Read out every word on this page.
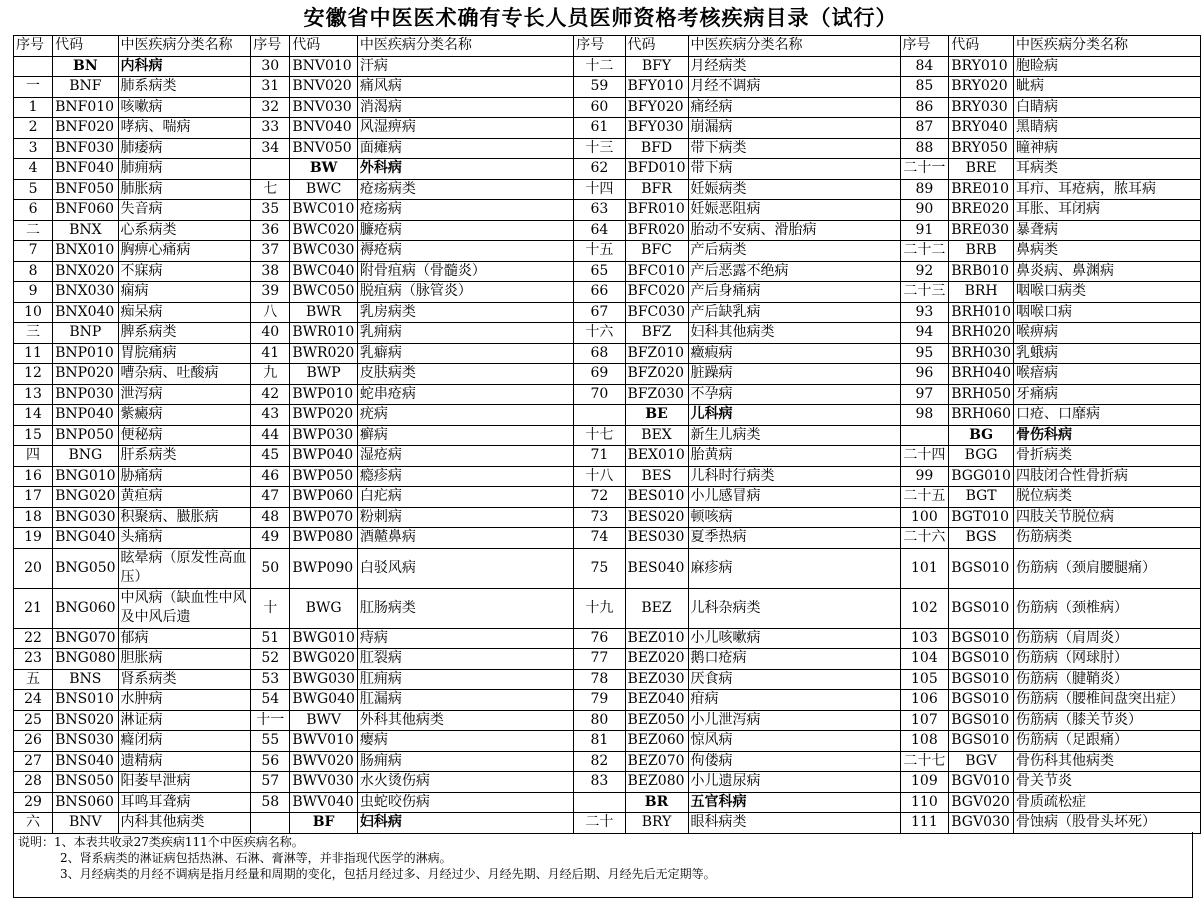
安徽省中医医术确有专长人员医师资格考核疾病目录（试行）
序号	代码	中医疾病分类名称	序号	代码	中医疾病分类名称	序号	代码	中医疾病分类名称	序号	代码	中医疾病分类名称
	BN	内科病	30	BNV010	汗病	十二	BFY	月经病类	84	BRY010	胞睑病
一	BNF	肺系病类	31	BNV020	痛风病	59	BFY010	月经不调病	85	BRY020	眦病
1	BNF010	咳嗽病	32	BNV030	消渴病	60	BFY020	痛经病	86	BRY030	白睛病
2	BNF020	哮病、喘病	33	BNV040	风湿痹病	61	BFY030	崩漏病	87	BRY040	黑睛病
3	BNF030	肺痿病	34	BNV050	面瘫病	十三	BFD	带下病类	88	BRY050	瞳神病
4	BNF040	肺痈病		BW	外科病	62	BFD010	带下病	二十一	BRE	耳病类
5	BNF050	肺胀病	七	BWC	疮疡病类	十四	BFR	妊娠病类	89	BRE010	耳疖、耳疮病，脓耳病
6	BNF060	失音病	35	BWC010	疮疡病	63	BFR010	妊娠恶阻病	90	BRE020	耳胀、耳闭病
二	BNX	心系病类	36	BWC020	臁疮病	64	BFR020	胎动不安病、滑胎病	91	BRE030	暴聋病
7	BNX010	胸痹心痛病	37	BWC030	褥疮病	十五	BFC	产后病类	二十二	BRB	鼻病类
8	BNX020	不寐病	38	BWC040	附骨疽病（骨髓炎）	65	BFC010	产后恶露不绝病	92	BRB010	鼻炎病、鼻渊病
9	BNX030	痫病	39	BWC050	脱疽病（脉管炎）	66	BFC020	产后身痛病	二十三	BRH	咽喉口病类
10	BNX040	痴呆病	八	BWR	乳房病类	67	BFC030	产后缺乳病	93	BRH010	咽喉口病
三	BNP	脾系病类	40	BWR010	乳痈病	十六	BFZ	妇科其他病类	94	BRH020	喉痹病
11	BNP010	胃脘痛病	41	BWR020	乳癖病	68	BFZ010	癥瘕病	95	BRH030	乳蛾病
12	BNP020	嘈杂病、吐酸病	九	BWP	皮肤病类	69	BFZ020	脏躁病	96	BRH040	喉瘖病
13	BNP030	泄泻病	42	BWP010	蛇串疮病	70	BFZ030	不孕病	97	BRH050	牙痛病
14	BNP040	紫癜病	43	BWP020	疣病		BE	儿科病	98	BRH060	口疮、口靡病
15	BNP050	便秘病	44	BWP030	癣病	十七	BEX	新生儿病类		BG	骨伤科病
四	BNG	肝系病类	45	BWP040	湿疮病	71	BEX010	胎黄病	二十四	BGG	骨折病类
16	BNG010	胁痛病	46	BWP050	瘾疹病	十八	BES	儿科时行病类	99	BGG010	四肢闭合性骨折病
17	BNG020	黄疸病	47	BWP060	白疕病	72	BES010	小儿感冒病	二十五	BGT	脱位病类
18	BNG030	积聚病、臌胀病	48	BWP070	粉刺病	73	BES020	顿咳病	100	BGT010	四肢关节脱位病
19	BNG040	头痛病	49	BWP080	酒齄鼻病	74	BES030	夏季热病	二十六	BGS	伤筋病类
20	BNG050	眩晕病（原发性高血压）	50	BWP090	白驳风病	75	BES040	麻疹病	101	BGS010	伤筋病（颈肩腰腿痛）
21	BNG060	中风病（缺血性中风及中风后遗	十	BWG	肛肠病类	十九	BEZ	儿科杂病类	102	BGS010	伤筋病（颈椎病）
22	BNG070	郁病	51	BWG010	痔病	76	BEZ010	小儿咳嗽病	103	BGS010	伤筋病（肩周炎）
23	BNG080	胆胀病	52	BWG020	肛裂病	77	BEZ020	鹅口疮病	104	BGS010	伤筋病（网球肘）
五	BNS	肾系病类	53	BWG030	肛痈病	78	BEZ030	厌食病	105	BGS010	伤筋病（腱鞘炎）
24	BNS010	水肿病	54	BWG040	肛漏病	79	BEZ040	疳病	106	BGS010	伤筋病（腰椎间盘突出症）
25	BNS020	淋证病	十一	BWV	外科其他病类	80	BEZ050	小儿泄泻病	107	BGS010	伤筋病（膝关节炎）
26	BNS030	癃闭病	55	BWV010	瘿病	81	BEZ060	惊风病	108	BGS010	伤筋病（足跟痛）
27	BNS040	遗精病	56	BWV020	肠痈病	82	BEZ070	佝偻病	二十七	BGV	骨伤科其他病类
28	BNS050	阳萎早泄病	57	BWV030	水火烫伤病	83	BEZ080	小儿遗尿病	109	BGV010	骨关节炎
29	BNS060	耳鸣耳聋病	58	BWV040	虫蛇咬伤病		BR	五官科病	110	BGV020	骨质疏松症
六	BNV	内科其他病类		BF	妇科病	二十	BRY	眼科病类	111	BGV030	骨蚀病（股骨头坏死）
说明：1、本表共收录27类疾病111个中医疾病名称。
2、肾系病类的淋证病包括热淋、石淋、膏淋等，并非指现代医学的淋病。
3、月经病类的月经不调病是指月经量和周期的变化，包括月经过多、月经过少、月经先期、月经后期、月经先后无定期等。
